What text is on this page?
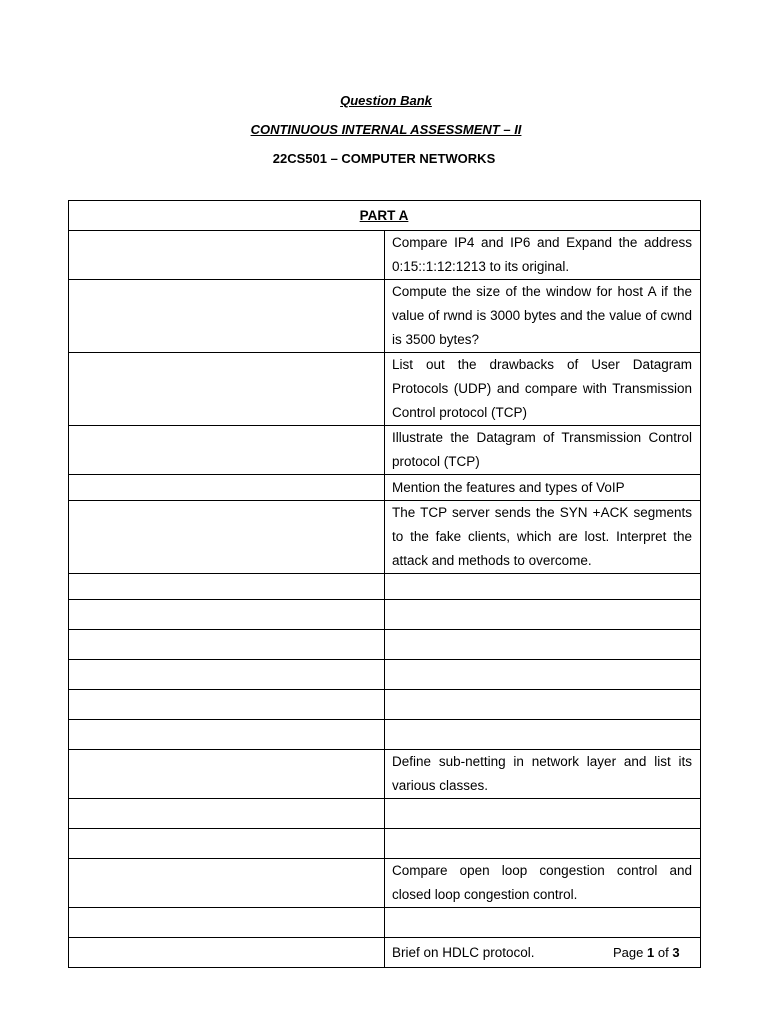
Question Bank
CONTINUOUS INTERNAL ASSESSMENT – II
22CS501 – COMPUTER NETWORKS
PART A	
	Compare IP4 and IP6 and Expand the address 0:15::1:12:1213 to its original.
	Compute the size of the window for host A if the value of rwnd is 3000 bytes and the value of cwnd is 3500 bytes?
	List out the drawbacks of User Datagram Protocols (UDP) and compare with Transmission Control protocol (TCP)
	Illustrate the Datagram of Transmission Control protocol (TCP)
	Mention the features and types of VoIP
	The TCP server sends the SYN +ACK segments to the fake clients, which are lost. Interpret the attack and methods to overcome.

	Define sub-netting in network layer and list its various classes.

	Compare open loop congestion control and closed loop congestion control.

	Brief on HDLC protocol.	Page 1 of 3
